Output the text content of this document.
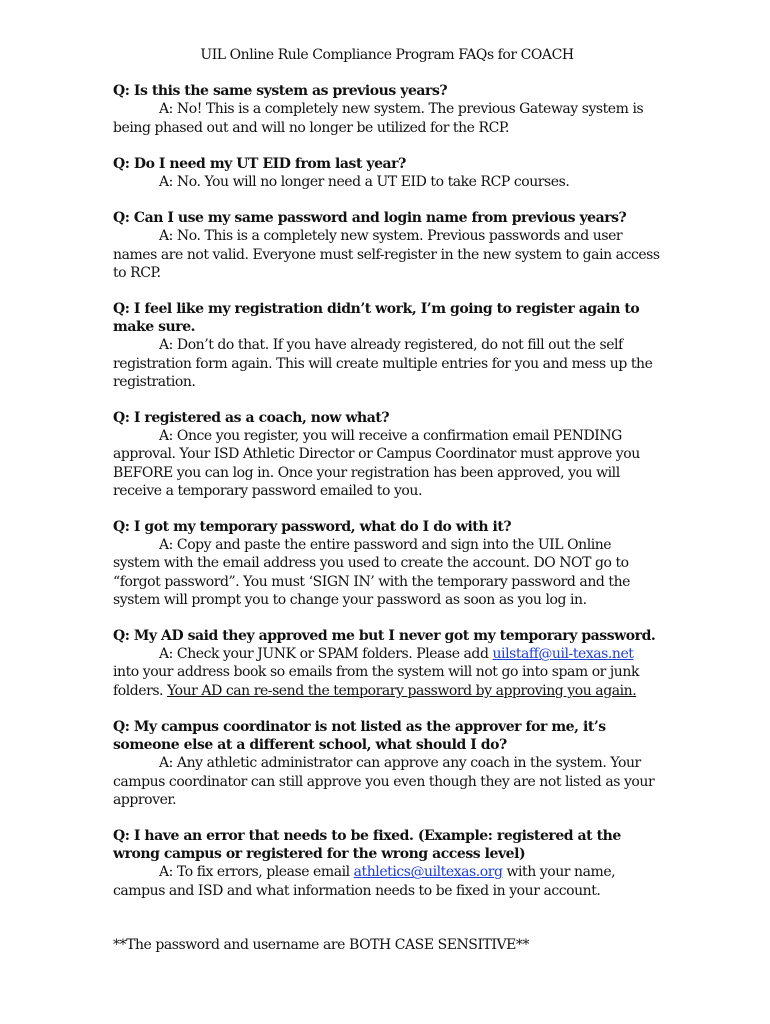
UIL Online Rule Compliance Program FAQs for COACH

Q: Is this the same system as previous years?

A: No! This is a completely new system. The previous Gateway system is being phased out and will no longer be utilized for the RCP.

Q: Do I need my UT EID from last year?

A: No. You will no longer need a UT EID to take RCP courses.

Q: Can I use my same password and login name from previous years?

A: No. This is a completely new system. Previous passwords and user names are not valid. Everyone must self-register in the new system to gain access to RCP.

Q: I feel like my registration didn’t work, I’m going to register again to make sure.

A: Don’t do that. If you have already registered, do not fill out the self registration form again. This will create multiple entries for you and mess up the registration.

Q: I registered as a coach, now what?

A: Once you register, you will receive a confirmation email PENDING approval. Your ISD Athletic Director or Campus Coordinator must approve you BEFORE you can log in. Once your registration has been approved, you will receive a temporary password emailed to you.

Q: I got my temporary password, what do I do with it?

A: Copy and paste the entire password and sign into the UIL Online system with the email address you used to create the account. DO NOT go to “forgot password”. You must ‘SIGN IN’ with the temporary password and the system will prompt you to change your password as soon as you log in.

Q: My AD said they approved me but I never got my temporary password.

A: Check your JUNK or SPAM folders. Please add uilstaff@uil-texas.net into your address book so emails from the system will not go into spam or junk folders. Your AD can re-send the temporary password by approving you again.

Q: My campus coordinator is not listed as the approver for me, it’s someone else at a different school, what should I do?

A: Any athletic administrator can approve any coach in the system. Your campus coordinator can still approve you even though they are not listed as your approver.

Q: I have an error that needs to be fixed. (Example: registered at the wrong campus or registered for the wrong access level)

A: To fix errors, please email athletics@uiltexas.org with your name, campus and ISD and what information needs to be fixed in your account.

**The password and username are BOTH CASE SENSITIVE**
